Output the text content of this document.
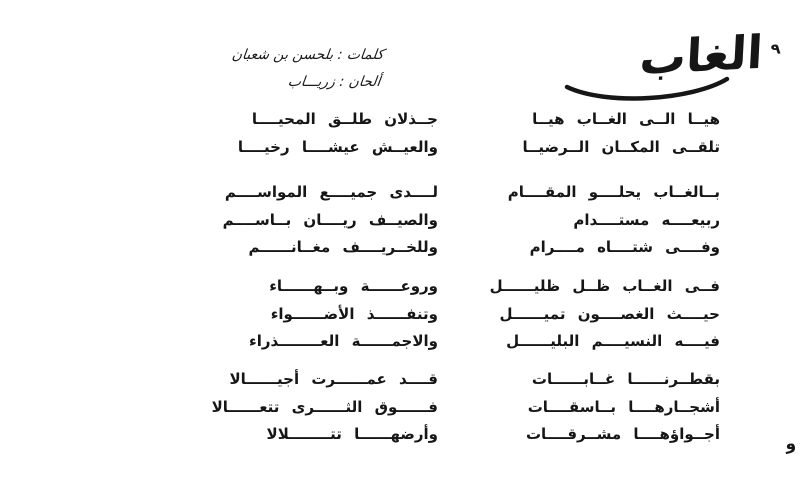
٩
الغاب
كلمات : بلحسن بن شعبان
ألحان : زريـــاب
هيــا الــى الغــاب هيــا
جــذلان طلــق المحيــــا
تلقــى المكــان الــرضيــا
والعيــش عيشــــا رخيــــا
بــالغــاب يحلــــو المقــــام
لــــدى جميــــع المواســــم
ربيعــــه مستــــدام
والصيــف ريــــان بــاســــم
وفــــى شتــــاه مــــرام
وللخــريــــف مغــانــــــم
فــى الغــاب ظــل ظليــــــل
وروعــــــة وبــهــــــاء
حيــــث الغصــــون تميــــــل
وتنفــــــذ الأضــــــواء
فيــــه النسيــــم البليــــــل
والاجمــــــة العــــــــذراء
بقطــرنــــــا غــابــــــات
قــــد عمــــــرت أجيــــــالا
أشجــارهــــا بــاسقــــات
فــــــوق الثــــــرى تتعــــــالا
أجــواؤهــــا مشــرقــــات
وأرضهــــــا تتــــــــلالا	و
